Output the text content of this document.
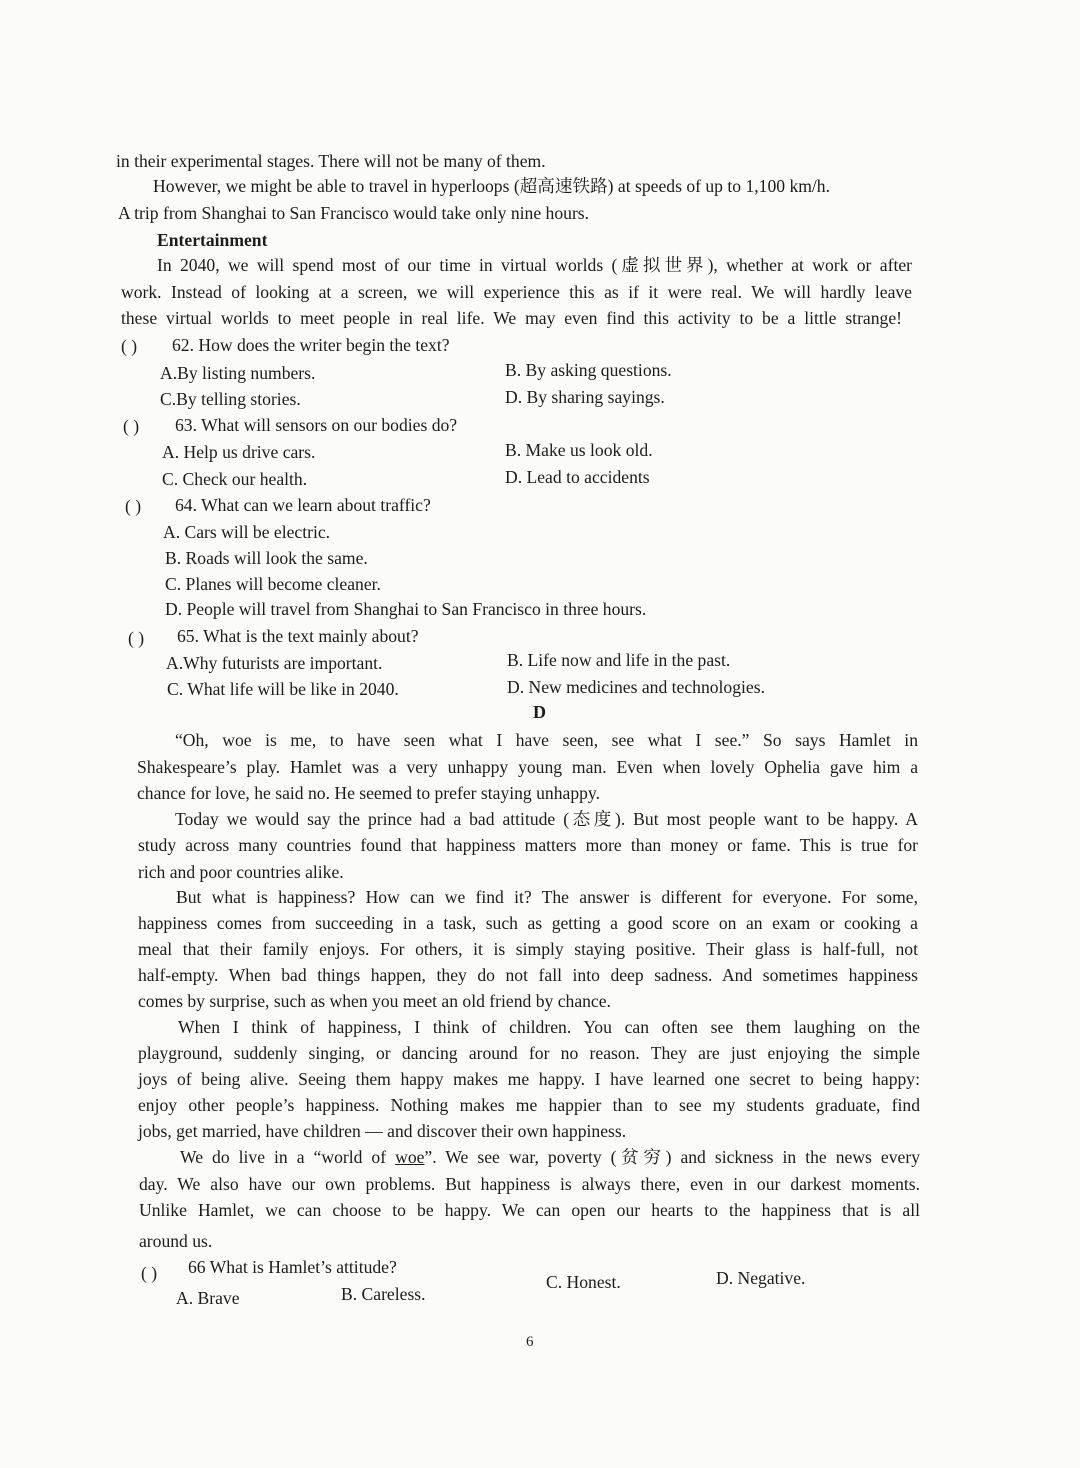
in their experimental stages. There will not be many of them.
However, we might be able to travel in hyperloops (超高速铁路) at speeds of up to 1,100 km/h.
A trip from Shanghai to San Francisco would take only nine hours.
Entertainment
In 2040, we will spend most of our time in virtual worlds (虚拟世界), whether at work or after
work. Instead of looking at a screen, we will experience this as if it were real. We will hardly leave
these virtual worlds to meet people in real life. We may even find this activity to be a little strange!
( ) 62. How does the writer begin the text?
A.By listing numbers.	B. By asking questions.
C.By telling stories.	D. By sharing sayings.
( ) 63. What will sensors on our bodies do?
A. Help us drive cars.	B. Make us look old.
C. Check our health.	D. Lead to accidents
( ) 64. What can we learn about traffic?
A. Cars will be electric.
B. Roads will look the same.
C. Planes will become cleaner.
D. People will travel from Shanghai to San Francisco in three hours.
( ) 65. What is the text mainly about?
A.Why futurists are important.	B. Life now and life in the past.
C. What life will be like in 2040.	D. New medicines and technologies.
D
“Oh, woe is me, to have seen what I have seen, see what I see.” So says Hamlet in
Shakespeare’s play. Hamlet was a very unhappy young man. Even when lovely Ophelia gave him a
chance for love, he said no. He seemed to prefer staying unhappy.
Today we would say the prince had a bad attitude (态度). But most people want to be happy. A
study across many countries found that happiness matters more than money or fame. This is true for
rich and poor countries alike.
But what is happiness? How can we find it? The answer is different for everyone. For some,
happiness comes from succeeding in a task, such as getting a good score on an exam or cooking a
meal that their family enjoys. For others, it is simply staying positive. Their glass is half-full, not
half-empty. When bad things happen, they do not fall into deep sadness. And sometimes happiness
comes by surprise, such as when you meet an old friend by chance.
When I think of happiness, I think of children. You can often see them laughing on the
playground, suddenly singing, or dancing around for no reason. They are just enjoying the simple
joys of being alive. Seeing them happy makes me happy. I have learned one secret to being happy:
enjoy other people’s happiness. Nothing makes me happier than to see my students graduate, find
jobs, get married, have children — and discover their own happiness.
We do live in a “world of woe”. We see war, poverty (贫穷) and sickness in the news every
day. We also have our own problems. But happiness is always there, even in our darkest moments.
Unlike Hamlet, we can choose to be happy. We can open our hearts to the happiness that is all
around us.
( ) 66 What is Hamlet’s attitude?
A. Brave	B. Careless.
C. Honest.	D. Negative.
6
